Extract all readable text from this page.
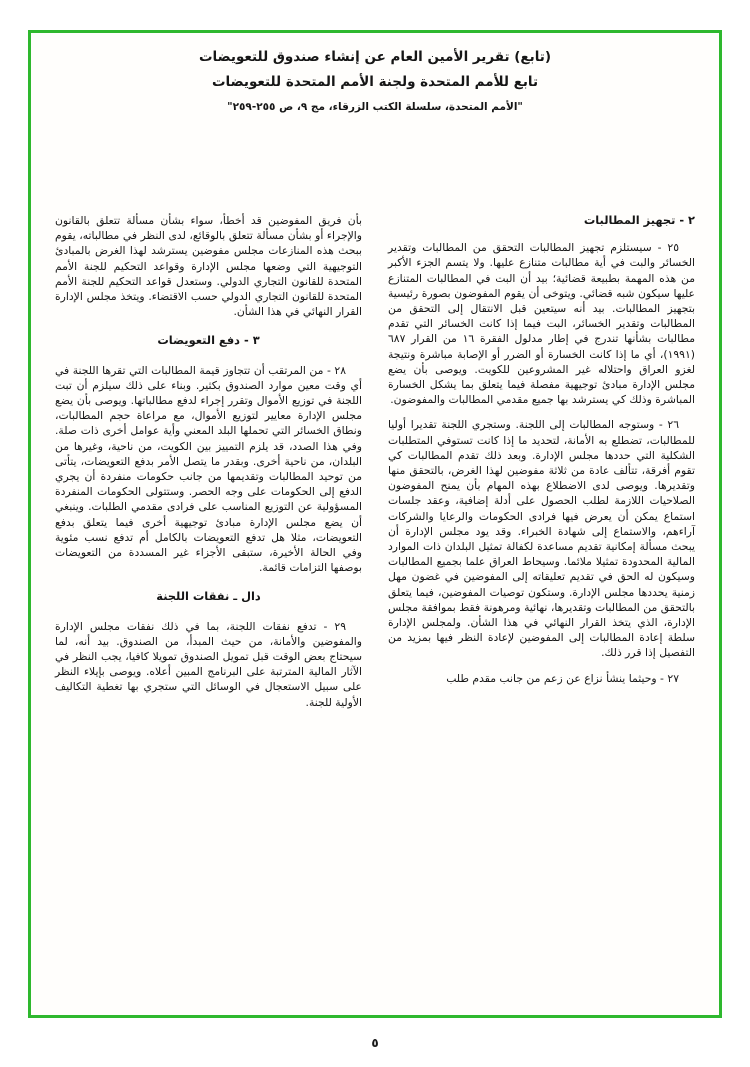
(تابع) تقرير الأمين العام عن إنشاء صندوق للتعويضات
تابع للأمم المتحدة ولجنة الأمم المتحدة للتعويضات
"الأمم المتحدة، سلسلة الكتب الزرقاء، مج ٩، ص ٢٥٥-٢٥٩"
٢ - تجهيز المطالبات

٢٥ - سيستلزم تجهيز المطالبات التحقق من المطالبات وتقدير الخسائر والبت في أية مطالبات متنازع عليها. ولا يتسم الجزء الأكبر من هذه المهمة بطبيعة قضائية؛ بيد أن البت في المطالبات المتنازع عليها سيكون شبه قضائي. ويتوخى أن يقوم المفوضون بصورة رئيسية بتجهيز المطالبات. بيد أنه سيتعين قبل الانتقال إلى التحقق من المطالبات وتقدير الخسائر، البت فيما إذا كانت الخسائر التي تقدم مطالبات بشأنها تندرج في إطار مدلول الفقرة ١٦ من القرار ٦٨٧ (١٩٩١)، أي ما إذا كانت الخسارة أو الضرر أو الإصابة مباشرة ونتيجة لغزو العراق واحتلاله غير المشروعين للكويت. ويوصى بأن يضع مجلس الإدارة مبادئ توجيهية مفصلة فيما يتعلق بما يشكل الخسارة المباشرة وذلك كي يسترشد بها جميع مقدمي المطالبات والمفوضون.

٢٦ - وستوجه المطالبات إلى اللجنة. وستجري اللجنة تقديرا أوليا للمطالبات، تضطلع به الأمانة، لتحديد ما إذا كانت تستوفي المتطلبات الشكلية التي حددها مجلس الإدارة. وبعد ذلك تقدم المطالبات كي تقوم أفرقة، تتألف عادة من ثلاثة مفوضين لهذا الغرض، بالتحقق منها وتقديرها. ويوصى لدى الاضطلاع بهذه المهام بأن يمنح المفوضون الصلاحيات اللازمة لطلب الحصول على أدلة إضافية، وعقد جلسات استماع يمكن أن يعرض فيها فرادى الحكومات والرعايا والشركات آراءهم، والاستماع إلى شهادة الخبراء. وقد يود مجلس الإدارة أن يبحث مسألة إمكانية تقديم مساعدة لكفالة تمثيل البلدان ذات الموارد المالية المحدودة تمثيلا ملائما. وسيحاط العراق علما بجميع المطالبات وسيكون له الحق في تقديم تعليقاته إلى المفوضين في غضون مهل زمنية يحددها مجلس الإدارة. وستكون توصيات المفوضين، فيما يتعلق بالتحقق من المطالبات وتقديرها، نهائية ومرهونة فقط بموافقة مجلس الإدارة، الذي يتخذ القرار النهائي في هذا الشأن. ولمجلس الإدارة سلطة إعادة المطالبات إلى المفوضين لإعادة النظر فيها بمزيد من التفصيل إذا قرر ذلك.

٢٧ - وحيثما ينشأ نزاع عن زعم من جانب مقدم طلب

بأن فريق المفوضين قد أخطأ، سواء بشأن مسألة تتعلق بالقانون والإجراء أو بشأن مسألة تتعلق بالوقائع، لدى النظر في مطالباته، يقوم ببحث هذه المنازعات مجلس مفوضين يسترشد لهذا الغرض بالمبادئ التوجيهية التي وضعها مجلس الإدارة وقواعد التحكيم للجنة الأمم المتحدة للقانون التجاري الدولي. وستعدل قواعد التحكيم للجنة الأمم المتحدة للقانون التجاري الدولي حسب الاقتضاء. ويتخذ مجلس الإدارة القرار النهائي في هذا الشأن.

٣ - دفع التعويضات

٢٨ - من المرتقب أن تتجاوز قيمة المطالبات التي تقرها اللجنة في أي وقت معين موارد الصندوق بكثير. وبناء على ذلك سيلزم أن تبت اللجنة في توزيع الأموال وتقرر إجراء لدفع مطالباتها. ويوصى بأن يضع مجلس الإدارة معايير لتوزيع الأموال، مع مراعاة حجم المطالبات، ونطاق الخسائر التي تحملها البلد المعني وأية عوامل أخرى ذات صلة. وفي هذا الصدد، قد يلزم التمييز بين الكويت، من ناحية، وغيرها من البلدان، من ناحية أخرى. وبقدر ما يتصل الأمر بدفع التعويضات، يتأتى من توحيد المطالبات وتقديمها من جانب حكومات منفردة أن يجري الدفع إلى الحكومات على وجه الحصر. وستتولى الحكومات المنفردة المسؤولية عن التوزيع المناسب على فرادى مقدمي الطلبات. وينبغي أن يضع مجلس الإدارة مبادئ توجيهية أخرى فيما يتعلق بدفع التعويضات، مثلا هل تدفع التعويضات بالكامل أم تدفع نسب مئوية وفي الحالة الأخيرة، ستبقى الأجزاء غير المسددة من التعويضات بوصفها التزامات قائمة.

دال ـ نفقات اللجنة

٢٩ - تدفع نفقات اللجنة، بما في ذلك نفقات مجلس الإدارة والمفوضين والأمانة، من حيث المبدأ، من الصندوق. بيد أنه، لما سيحتاج بعض الوقت قبل تمويل الصندوق تمويلا كافيا، يجب النظر في الآثار المالية المترتبة على البرنامج المبين أعلاه. ويوصى بإيلاء النظر على سبيل الاستعجال في الوسائل التي ستجري بها تغطية التكاليف الأولية للجنة.

٥
